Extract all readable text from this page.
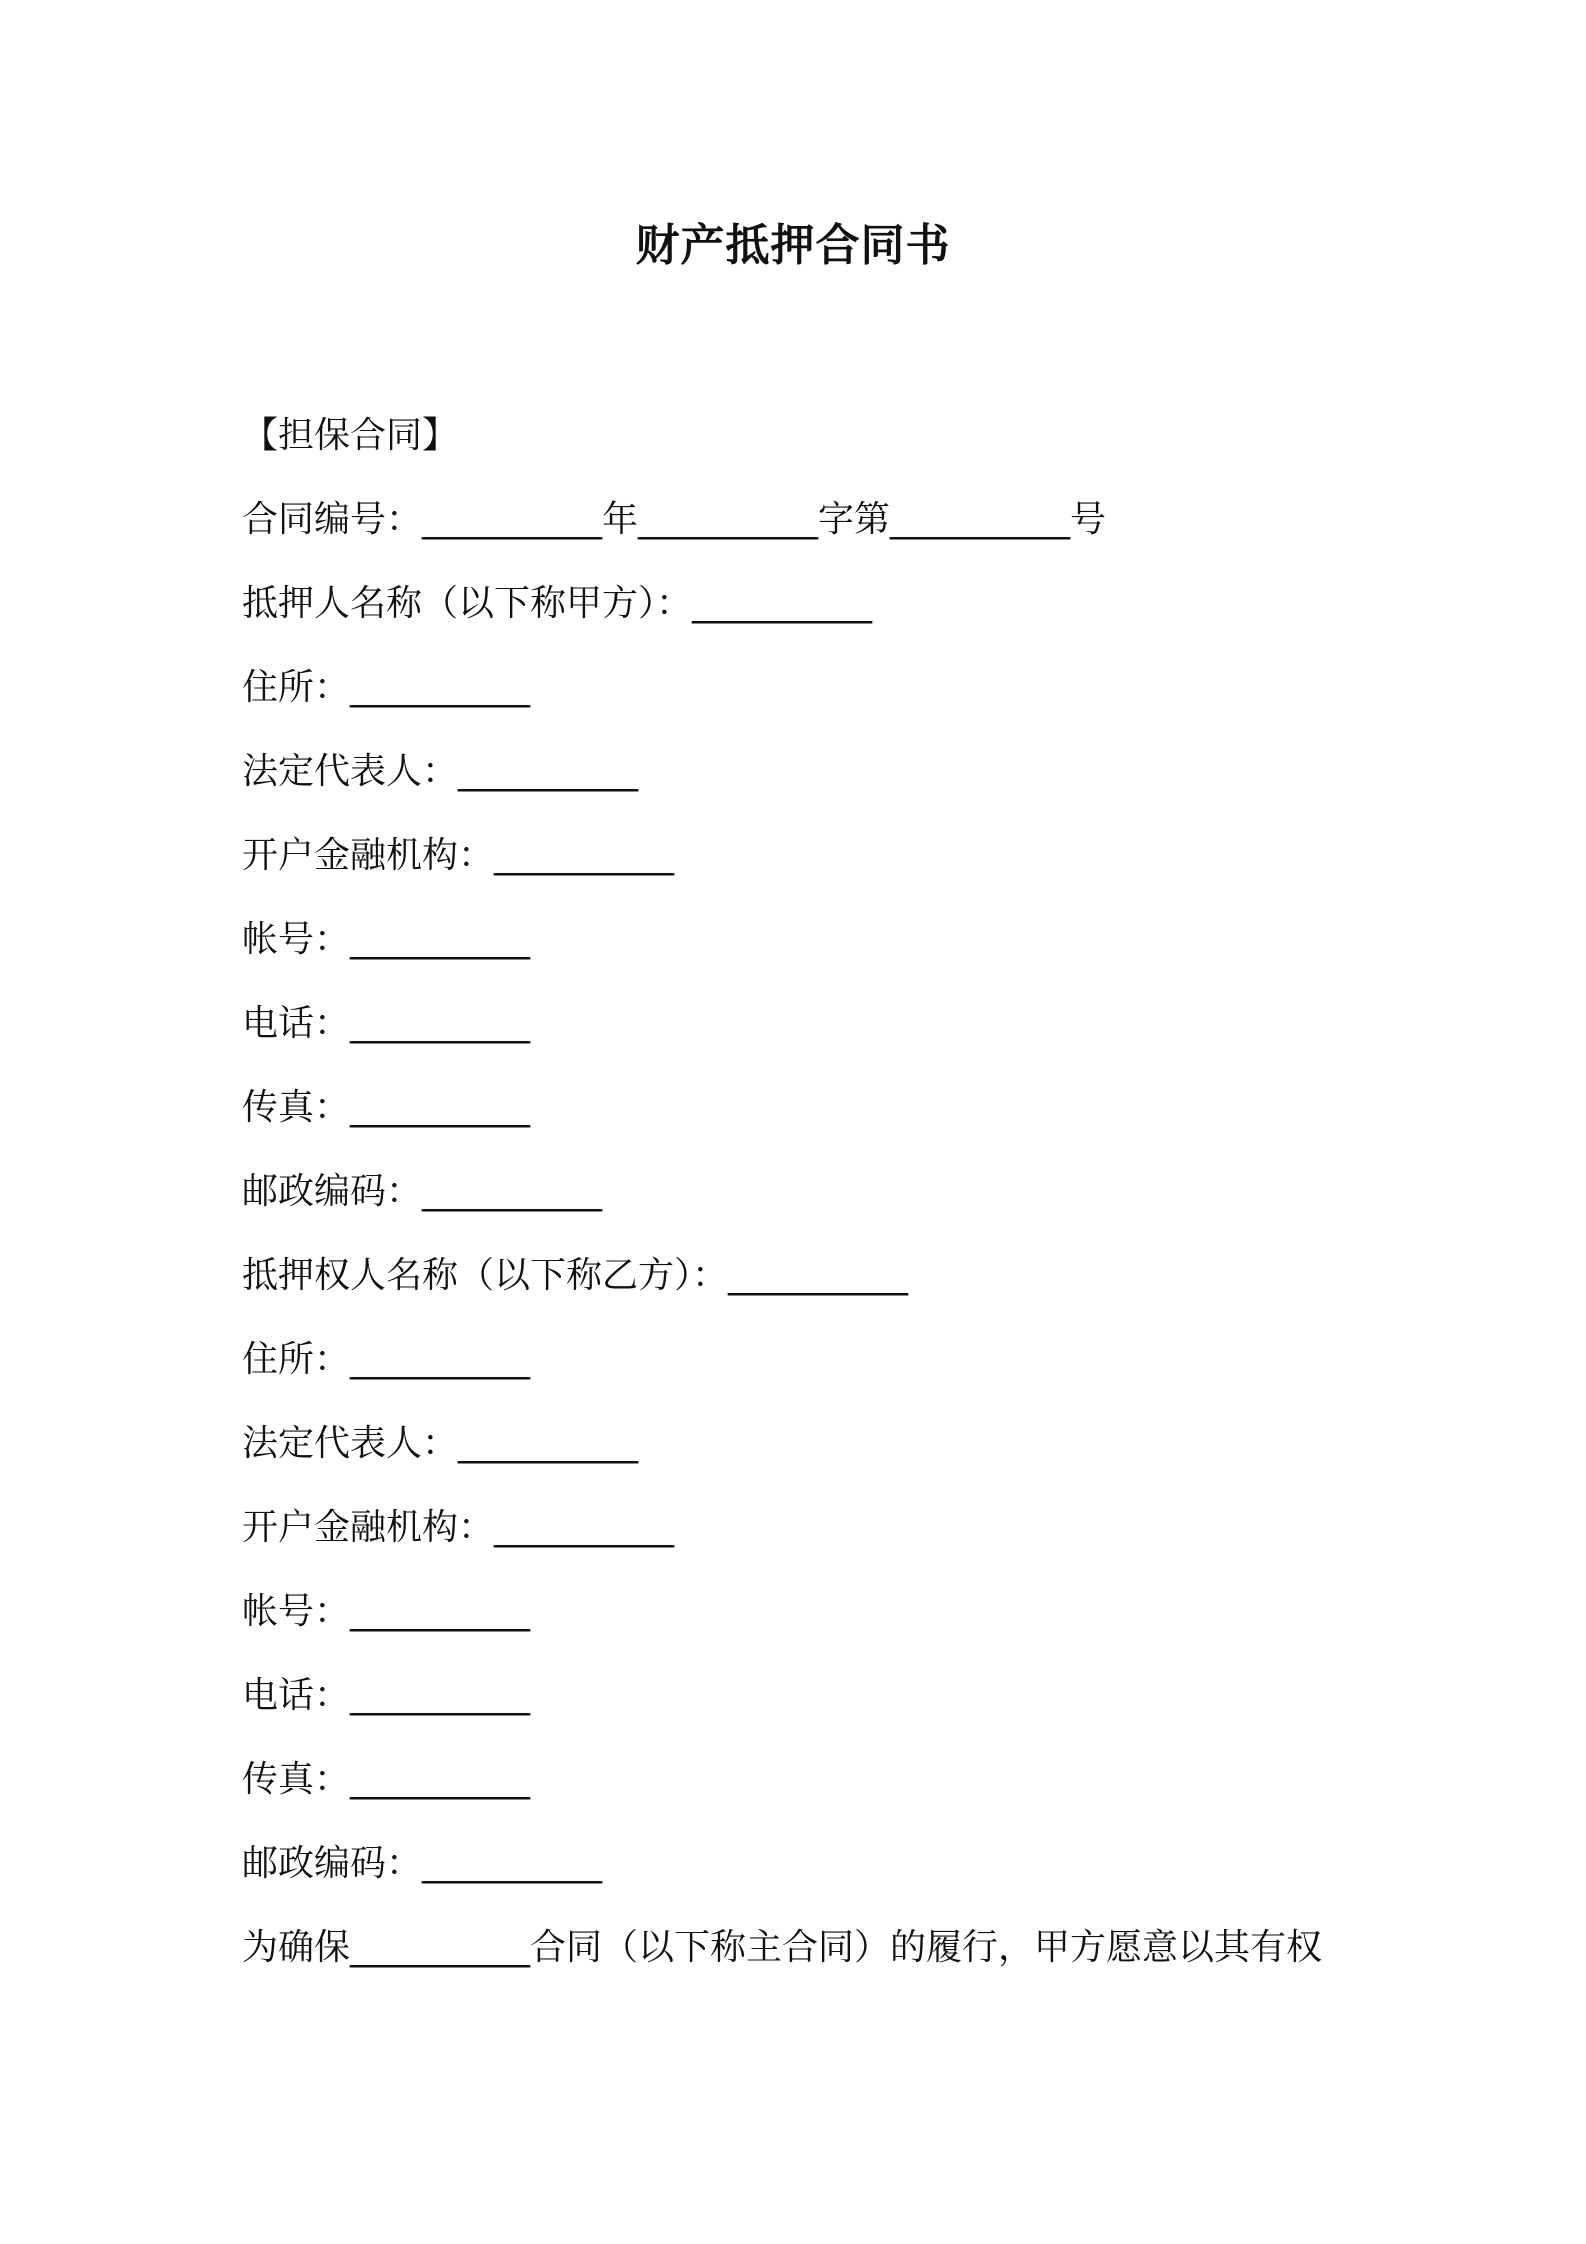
财产抵押合同书
【担保合同】
合同编号：__________年__________字第__________号
抵押人名称（以下称甲方）：__________
住所：__________
法定代表人：__________
开户金融机构：__________
帐号：__________
电话：__________
传真：__________
邮政编码：__________
抵押权人名称（以下称乙方）：__________
住所：__________
法定代表人：__________
开户金融机构：__________
帐号：__________
电话：__________
传真：__________
邮政编码：__________
为确保__________合同（以下称主合同）的履行，甲方愿意以其有权
